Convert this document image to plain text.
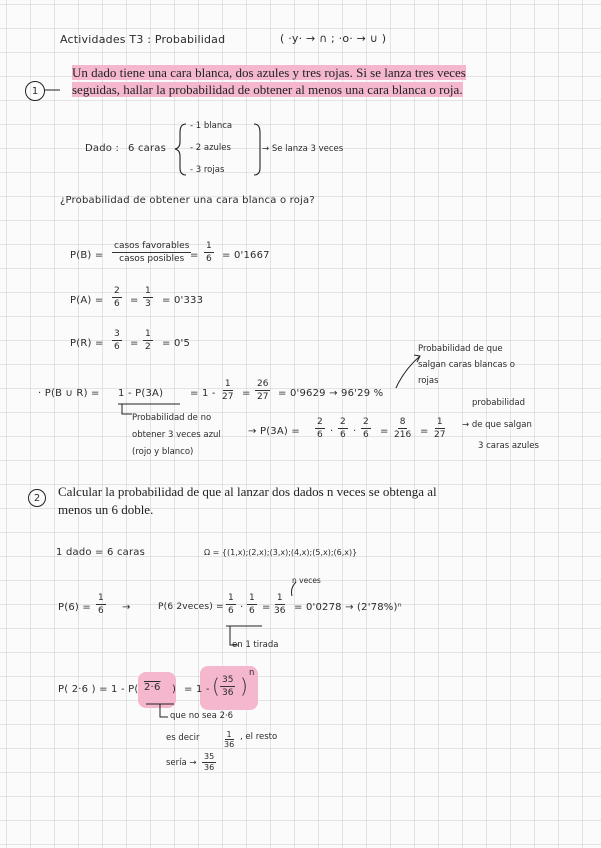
Actividades T3 : Probabilidad	( ·y· → ∩ ; ·o· → ∪ )
1
Un dado tiene una cara blanca, dos azules y tres rojas. Si se lanza tres veces
seguidas, hallar la probabilidad de obtener al menos una cara blanca o roja.
Dado : 6 caras
- 1 blanca
- 2 azules
- 3 rojas
→ Se lanza 3 veces
¿Probabilidad de obtener una cara blanca o roja?
P(B) =
casos favorables
casos posibles = $\frac{1}{6} = 0'1667$
$P(A) = \frac{2}{6} = \frac{1}{3} = 0'333$
$P(R) = \frac{3}{6} = \frac{1}{2} = 0'5$	Probabilidad de que
salgan caras blancas o
rojas
· P(B ∪ R) = 1 - P(3A)	= $1 - \frac{1}{27} = \frac{26}{27} = 0'9629 \to 96'29$ %
Probabilidad de no
obtener 3 veces azul
(rojo y blanco)
→ $P(3A) = \frac{2}{6} \cdot \frac{2}{6} \cdot \frac{2}{6} = \frac{8}{216} = \frac{1}{27}$
probabilidad
→ de que salgan
3 caras azules
2	Calcular la probabilidad de que al lanzar dos dados n veces se obtenga al
menos un 6 doble.
1 dado = 6 caras	Ω = {(1,x);(2,x);(3,x);(4,x);(5,x);(6,x)}
n veces
$P(6) = \frac{1}{6}$ →	P(6 2veces) = $\frac{1}{6} \cdot \frac{1}{6} = \frac{1}{36} = 0'0278 \to (2'78\%)^n$
en 1 tirada
P( 2·6 ) = 1 - P( 2·6 ) = 1 - ( $\frac{35}{36}$ )
n
que no sea 2·6
es decir	$\frac{1}{36}$ , el resto
sería → $\frac{35}{36}$
